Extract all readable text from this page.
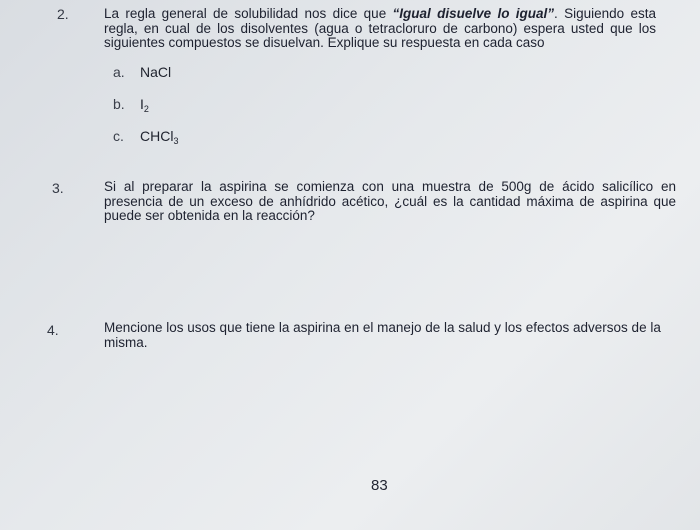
2.	La regla general de solubilidad nos dice que “Igual disuelve lo igual”. Siguiendo esta regla, en cual de los disolventes (agua o tetracloruro de carbono) espera usted que los siguientes compuestos se disuelvan. Explique su respuesta en cada caso
a. NaCl
b. $I_2$
c. CHCl$_3$
3.	Si al preparar la aspirina se comienza con una muestra de 500g de ácido salicílico en presencia de un exceso de anhídrido acético, ¿cuál es la cantidad máxima de aspirina que puede ser obtenida en la reacción?
4.	Mencione los usos que tiene la aspirina en el manejo de la salud y los efectos adversos de la misma.
83
